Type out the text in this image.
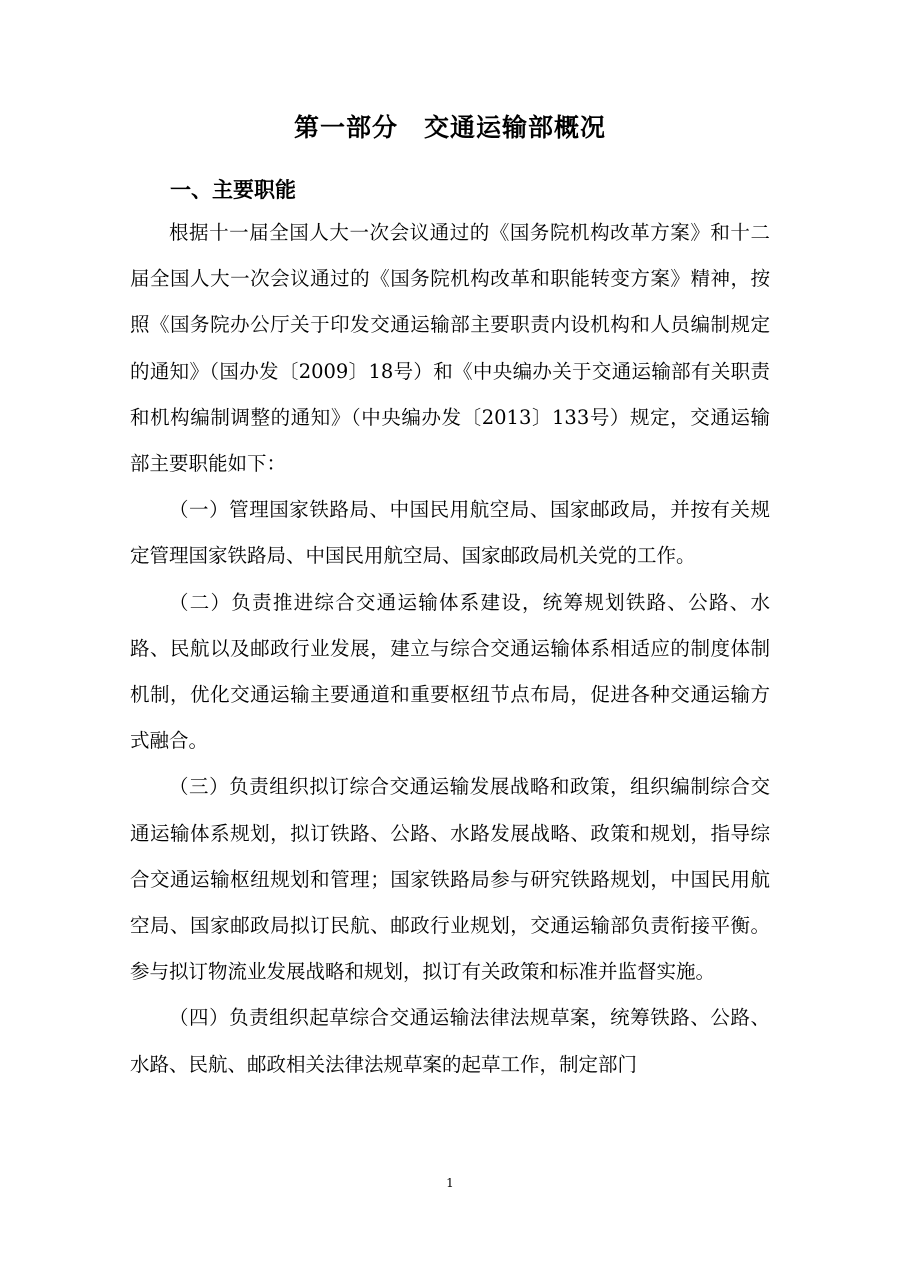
第一部分　交通运输部概况
一、主要职能

根据十一届全国人大一次会议通过的《国务院机构改革方案》和十二届全国人大一次会议通过的《国务院机构改革和职能转变方案》精神，按照《国务院办公厅关于印发交通运输部主要职责内设机构和人员编制规定的通知》（国办发〔2009〕18号）和《中央编办关于交通运输部有关职责和机构编制调整的通知》（中央编办发〔2013〕133号）规定，交通运输部主要职能如下：

（一）管理国家铁路局、中国民用航空局、国家邮政局，并按有关规定管理国家铁路局、中国民用航空局、国家邮政局机关党的工作。

（二）负责推进综合交通运输体系建设，统筹规划铁路、公路、水路、民航以及邮政行业发展，建立与综合交通运输体系相适应的制度体制机制，优化交通运输主要通道和重要枢纽节点布局，促进各种交通运输方式融合。

（三）负责组织拟订综合交通运输发展战略和政策，组织编制综合交通运输体系规划，拟订铁路、公路、水路发展战略、政策和规划，指导综合交通运输枢纽规划和管理；国家铁路局参与研究铁路规划，中国民用航空局、国家邮政局拟订民航、邮政行业规划，交通运输部负责衔接平衡。参与拟订物流业发展战略和规划，拟订有关政策和标准并监督实施。

（四）负责组织起草综合交通运输法律法规草案，统筹铁路、公路、水路、民航、邮政相关法律法规草案的起草工作，制定部门

1
